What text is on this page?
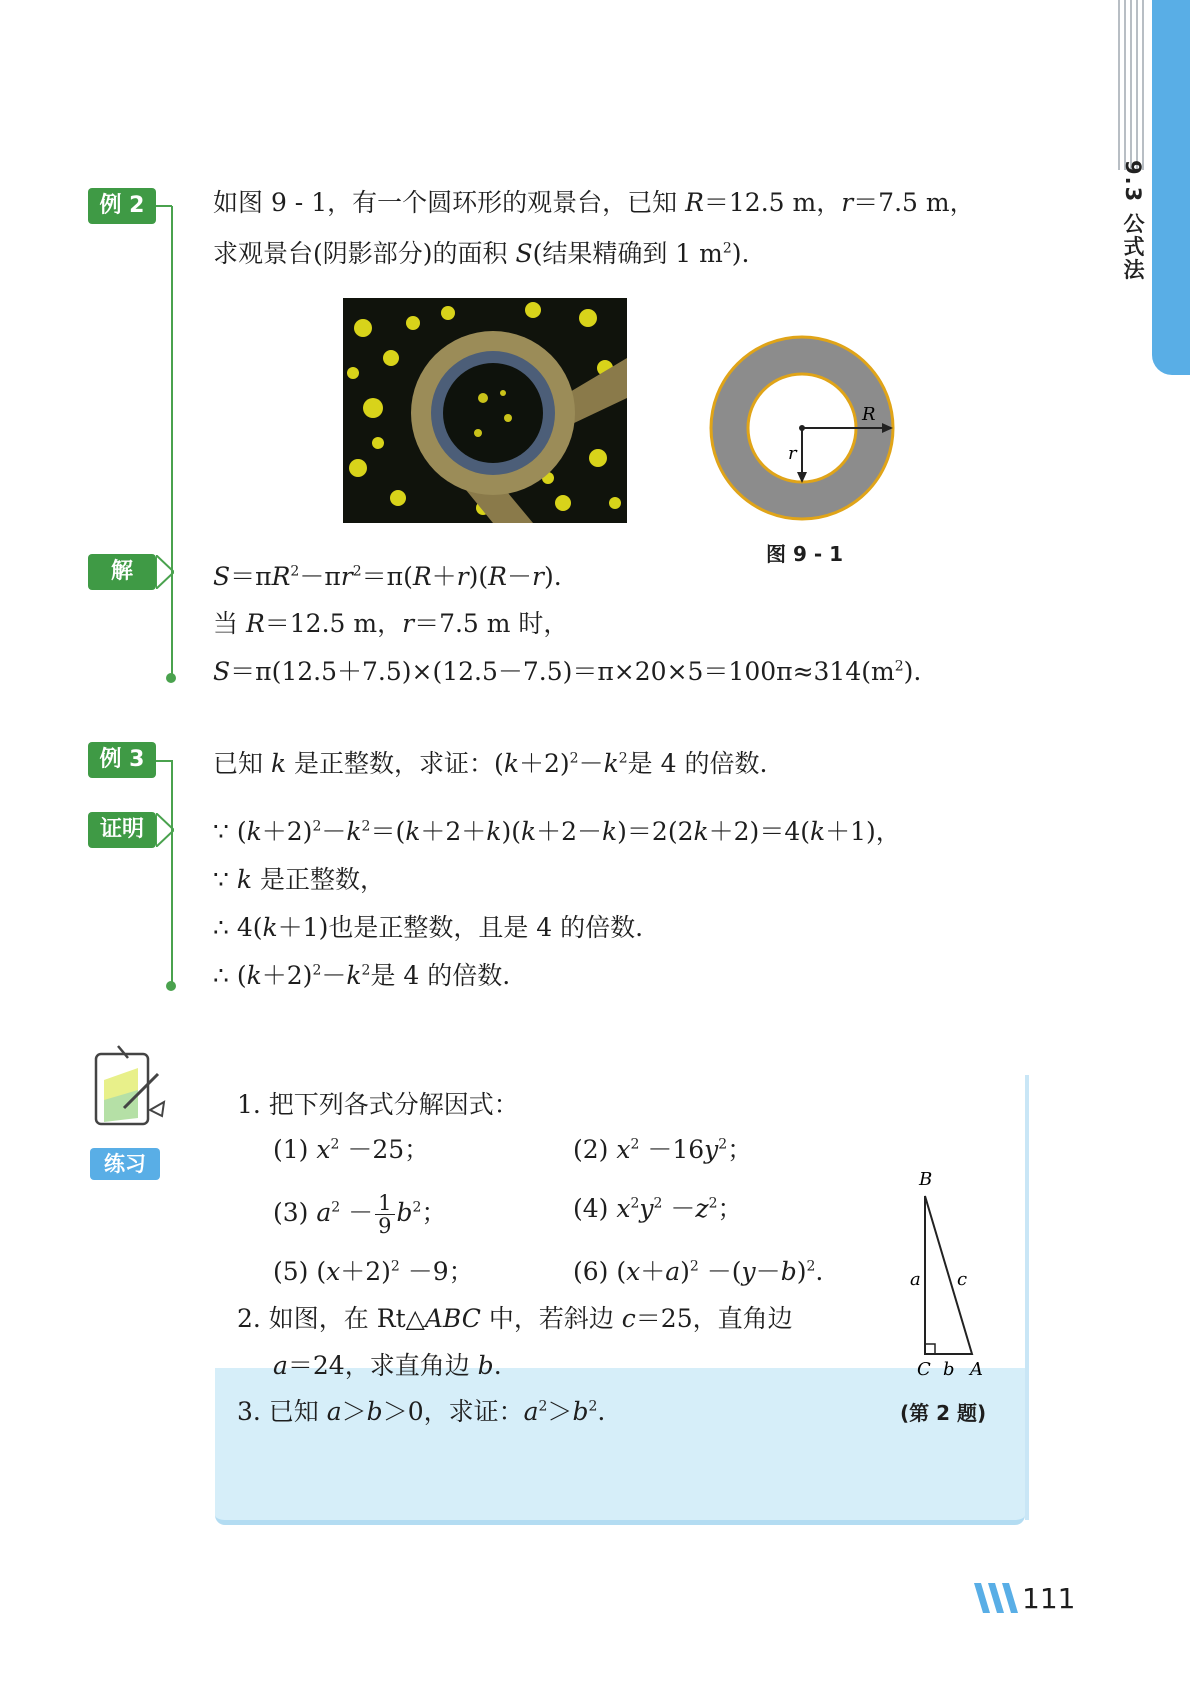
9.3 公式法
例 2	如图 9 - 1，有一个圆环形的观景台，已知 R＝12.5 m，r＝7.5 m，
求观景台(阴影部分)的面积 S(结果精确到 1 $m^2$).
R
r
图 9 - 1
解	$S=\pi R^2-\pi r^2=\pi(R+r)(R-r)$.
当 R＝12.5 m，r＝7.5 m 时，
$S=\pi(12.5+7.5)\times(12.5-7.5)=\pi\times 20\times 5=100\pi\approx 314(m^2)$.
例 3	已知 k 是正整数，求证：$(k+2)^2-k^2$是 4 的倍数.
证明	∵ $(k+2)^2-k^2=(k+2+k)(k+2-k)=2(2k+2)=4(k+1)$，
∵ k 是正整数，
∴ 4(k＋1)也是正整数，且是 4 的倍数.
∴ $(k+2)^2-k^2$是 4 的倍数.
练习
1. 把下列各式分解因式：
(1) $x^2 -25$；	(2) $x^2 -16y^2$；
(3) $a^2 - \frac{1}{9} b^2$；	(4) $x^2y^2 -z^2$；
(5) $(x+2)^2 -9$；	(6) $(x+a)^2 -(y-b)^2$.
2. 如图，在 Rt△ABC 中，若斜边 c＝25，直角边
a＝24，求直角边 b.
3. 已知 a＞b＞0，求证：$a^2>b^2$.
B
a c
C b A
(第 2 题)
111
